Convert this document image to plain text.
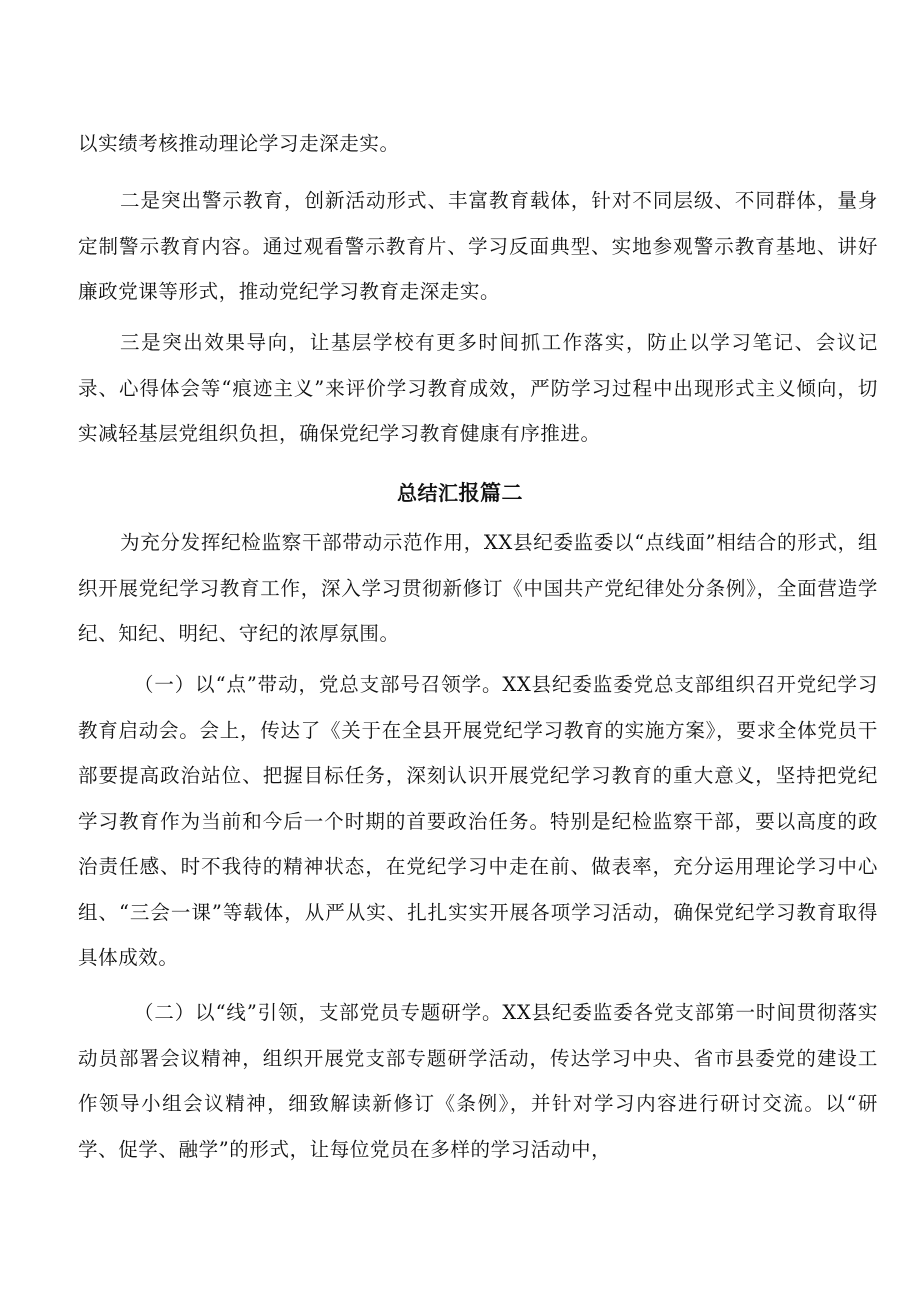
以实绩考核推动理论学习走深走实。

二是突出警示教育，创新活动形式、丰富教育载体，针对不同层级、不同群体，量身定制警示教育内容。通过观看警示教育片、学习反面典型、实地参观警示教育基地、讲好廉政党课等形式，推动党纪学习教育走深走实。

三是突出效果导向，让基层学校有更多时间抓工作落实，防止以学习笔记、会议记录、心得体会等“痕迹主义”来评价学习教育成效，严防学习过程中出现形式主义倾向，切实减轻基层党组织负担，确保党纪学习教育健康有序推进。

总结汇报篇二

为充分发挥纪检监察干部带动示范作用，XX县纪委监委以“点线面”相结合的形式，组织开展党纪学习教育工作，深入学习贯彻新修订《中国共产党纪律处分条例》，全面营造学纪、知纪、明纪、守纪的浓厚氛围。

（一）以“点”带动，党总支部号召领学。XX县纪委监委党总支部组织召开党纪学习教育启动会。会上，传达了《关于在全县开展党纪学习教育的实施方案》，要求全体党员干部要提高政治站位、把握目标任务，深刻认识开展党纪学习教育的重大意义，坚持把党纪学习教育作为当前和今后一个时期的首要政治任务。特别是纪检监察干部，要以高度的政治责任感、时不我待的精神状态，在党纪学习中走在前、做表率，充分运用理论学习中心组、“三会一课”等载体，从严从实、扎扎实实开展各项学习活动，确保党纪学习教育取得具体成效。

（二）以“线”引领，支部党员专题研学。XX县纪委监委各党支部第一时间贯彻落实动员部署会议精神，组织开展党支部专题研学活动，传达学习中央、省市县委党的建设工作领导小组会议精神，细致解读新修订《条例》，并针对学习内容进行研讨交流。以“研学、促学、融学”的形式，让每位党员在多样的学习活动中，
